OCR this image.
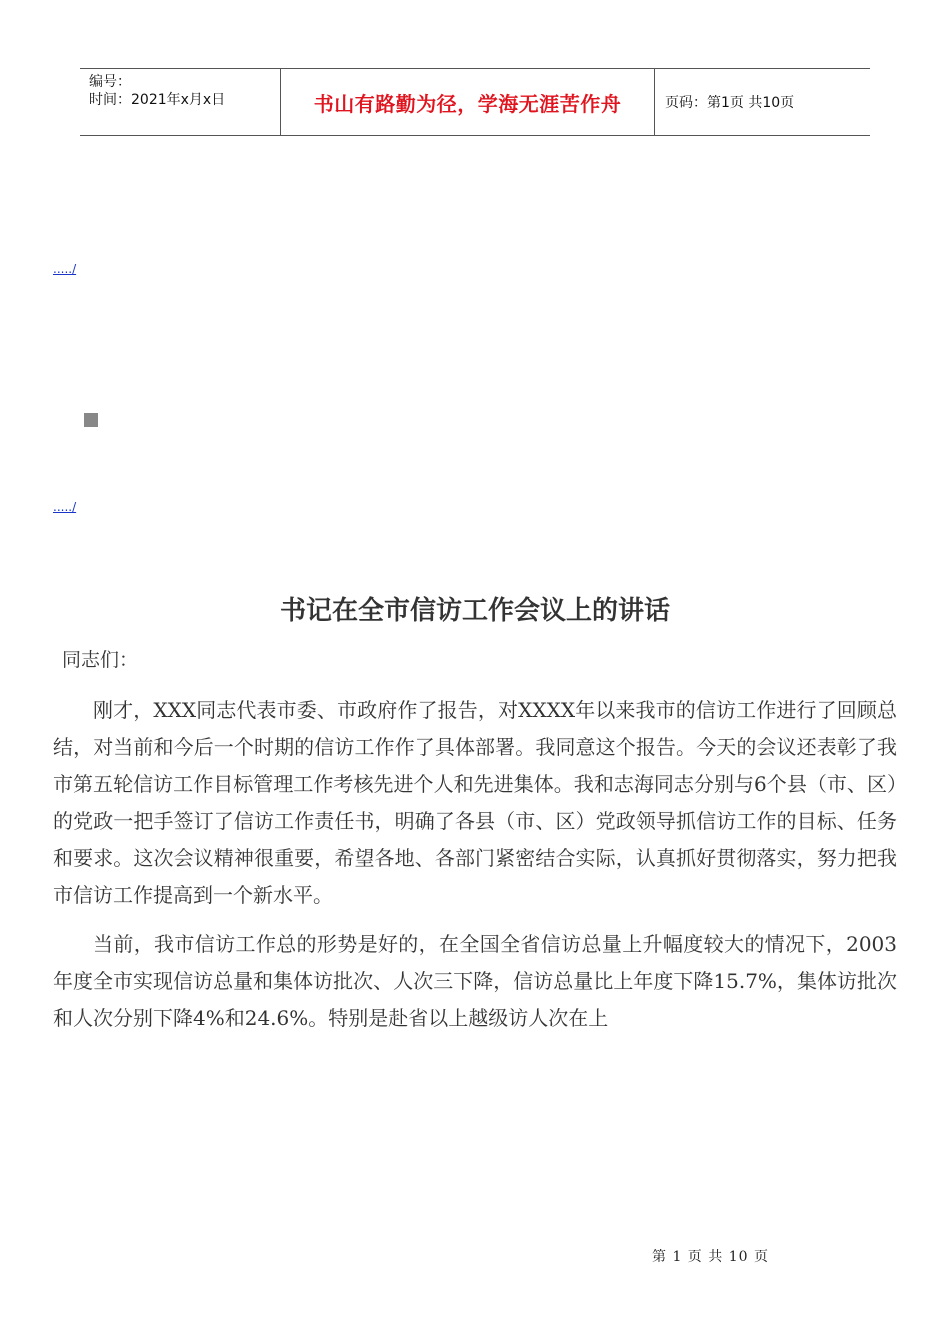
编号：
时间：2021年x月x日	书山有路勤为径，学海无涯苦作舟	页码：第1页 共10页
...../
...../
书记在全市信访工作会议上的讲话
同志们：

刚才，XXX同志代表市委、市政府作了报告，对XXXX年以来我市的信访工作进行了回顾总结，对当前和今后一个时期的信访工作作了具体部署。我同意这个报告。今天的会议还表彰了我市第五轮信访工作目标管理工作考核先进个人和先进集体。我和志海同志分别与6个县（市、区）的党政一把手签订了信访工作责任书，明确了各县（市、区）党政领导抓信访工作的目标、任务和要求。这次会议精神很重要，希望各地、各部门紧密结合实际，认真抓好贯彻落实，努力把我市信访工作提高到一个新水平。

当前，我市信访工作总的形势是好的，在全国全省信访总量上升幅度较大的情况下，2003年度全市实现信访总量和集体访批次、人次三下降，信访总量比上年度下降15.7%，集体访批次和人次分别下降4%和24.6%。特别是赴省以上越级访人次在上

第 1 页 共 10 页
